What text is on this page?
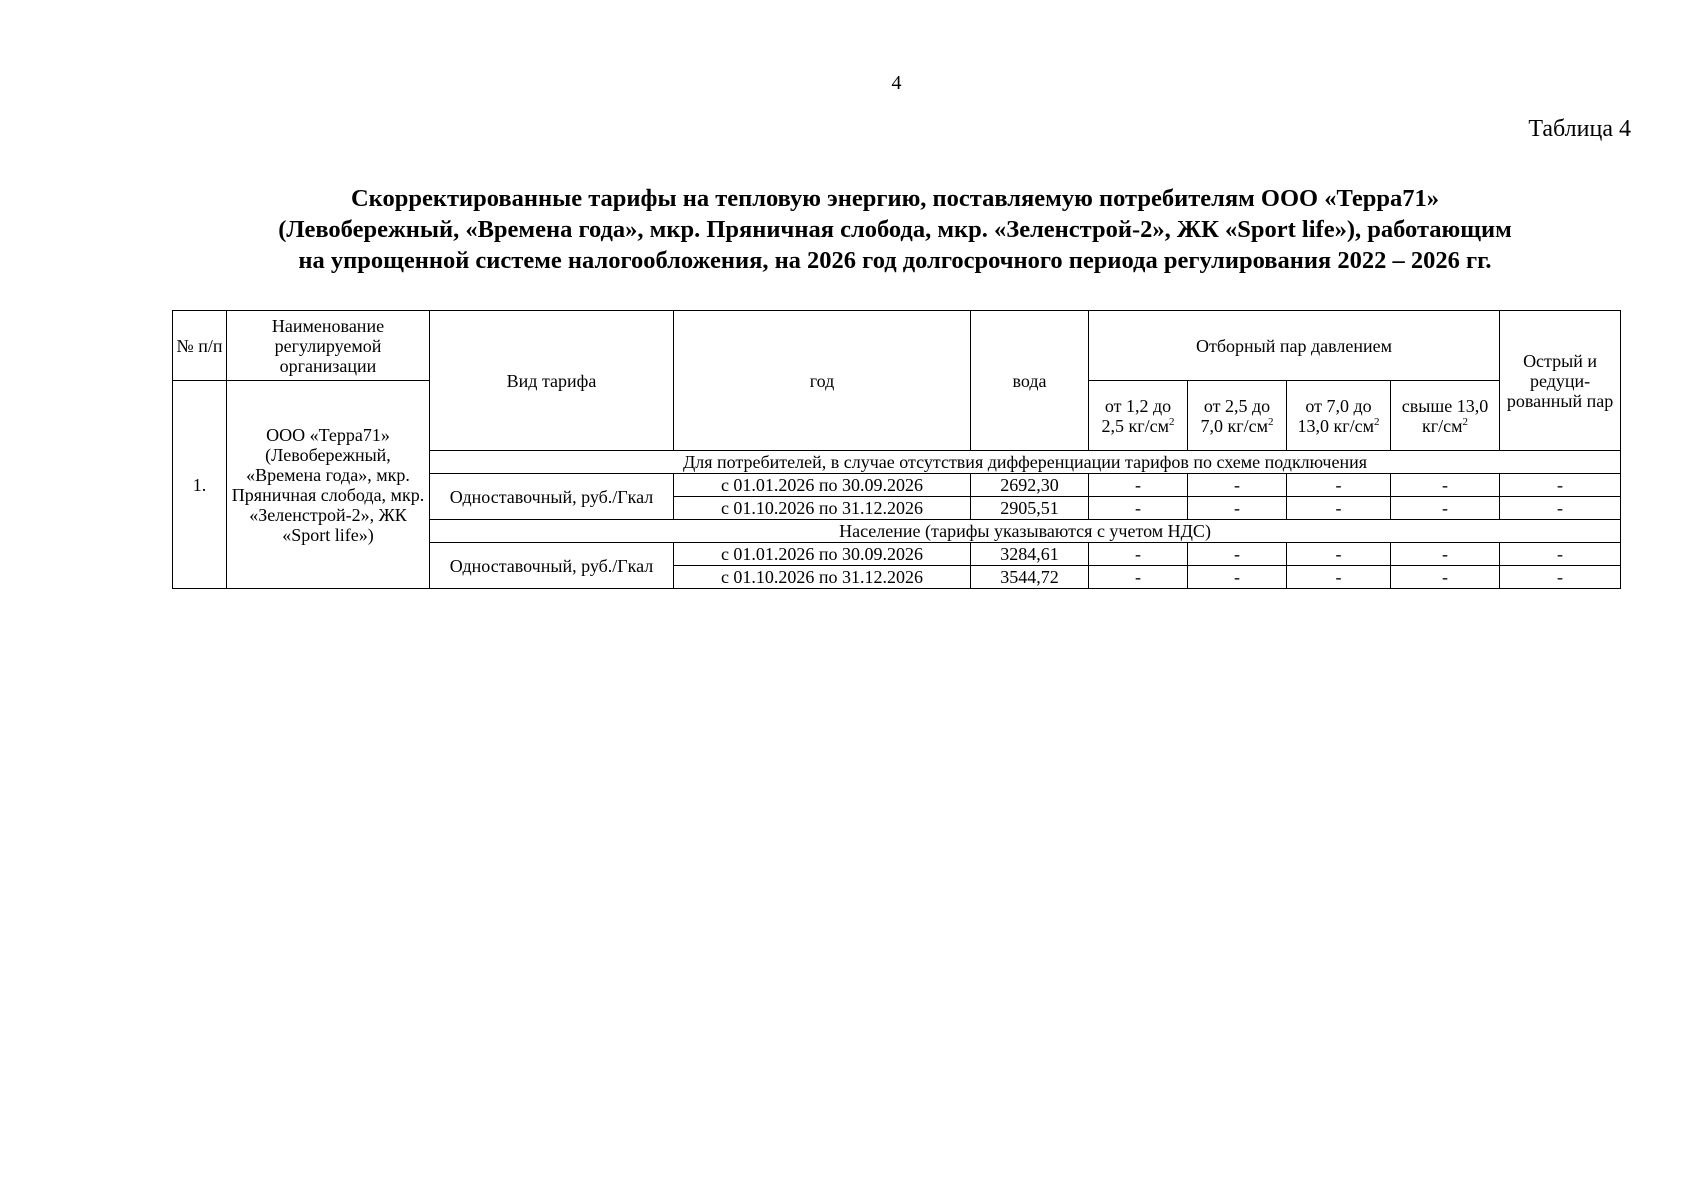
4
Таблица 4
Скорректированные тарифы на тепловую энергию, поставляемую потребителям ООО «Терра71»
(Левобережный, «Времена года», мкр. Пряничная слобода, мкр. «Зеленстрой-2», ЖК «Sport life»), работающим
на упрощенной системе налогообложения, на 2026 год долгосрочного периода регулирования 2022 – 2026 гг.
№ п/п	Наименование регулируемой организации	Вид тарифа	год	вода	Отборный пар давлением				Острый и редуци-рованный пар
1.	ООО «Терра71» (Левобережный, «Времена года», мкр. Пряничная слобода, мкр. «Зеленстрой-2», ЖК «Sport life»)				от 1,2 до 2,5 $кг/см^2$	от 2,5 до 7,0 $кг/см^2$	от 7,0 до 13,0 $кг/см^2$	свыше 13,0 $кг/см^2$
		Для потребителей, в случае отсутствия дифференциации тарифов по схеме подключения							
		Одноставочный, руб./Гкал	с 01.01.2026 по 30.09.2026	2692,30	-	-	-	-	-
			с 01.10.2026 по 31.12.2026	2905,51	-	-	-	-	-
		Население (тарифы указываются с учетом НДС)							
		Одноставочный, руб./Гкал	с 01.01.2026 по 30.09.2026	3284,61	-	-	-	-	-
			с 01.10.2026 по 31.12.2026	3544,72	-	-	-	-	-
